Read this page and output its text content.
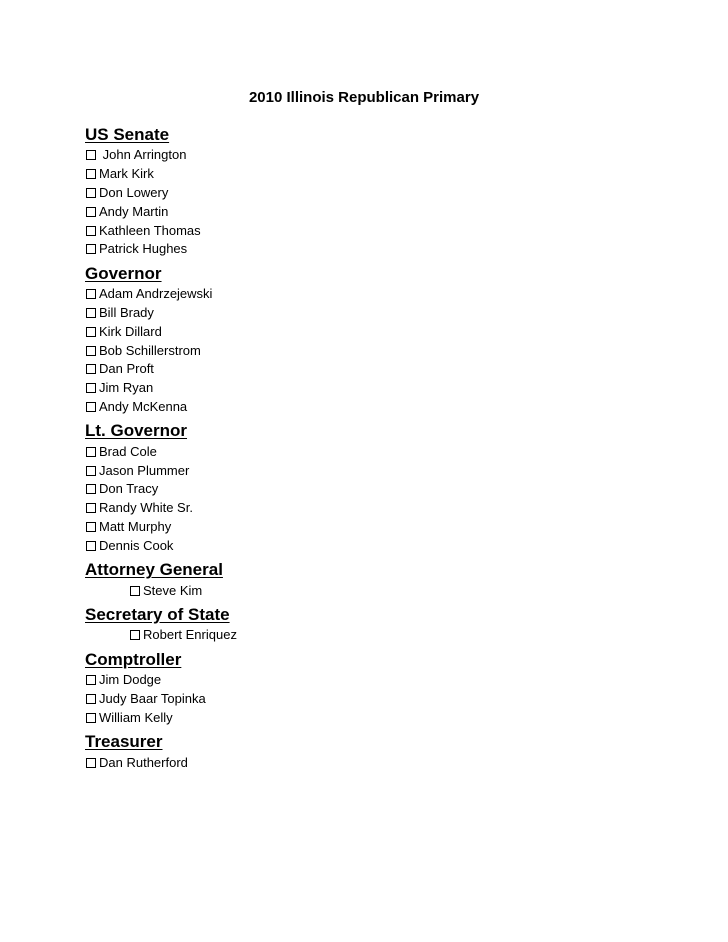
2010 Illinois Republican Primary
US Senate
John Arrington
Mark Kirk
Don Lowery
Andy Martin
Kathleen Thomas
Patrick Hughes
Governor
Adam Andrzejewski
Bill Brady
Kirk Dillard
Bob Schillerstrom
Dan Proft
Jim Ryan
Andy McKenna
Lt. Governor
Brad Cole
Jason Plummer
Don Tracy
Randy White Sr.
Matt Murphy
Dennis Cook
Attorney General
Steve Kim
Secretary of State
Robert Enriquez
Comptroller
Jim Dodge
Judy Baar Topinka
William Kelly
Treasurer
Dan Rutherford
